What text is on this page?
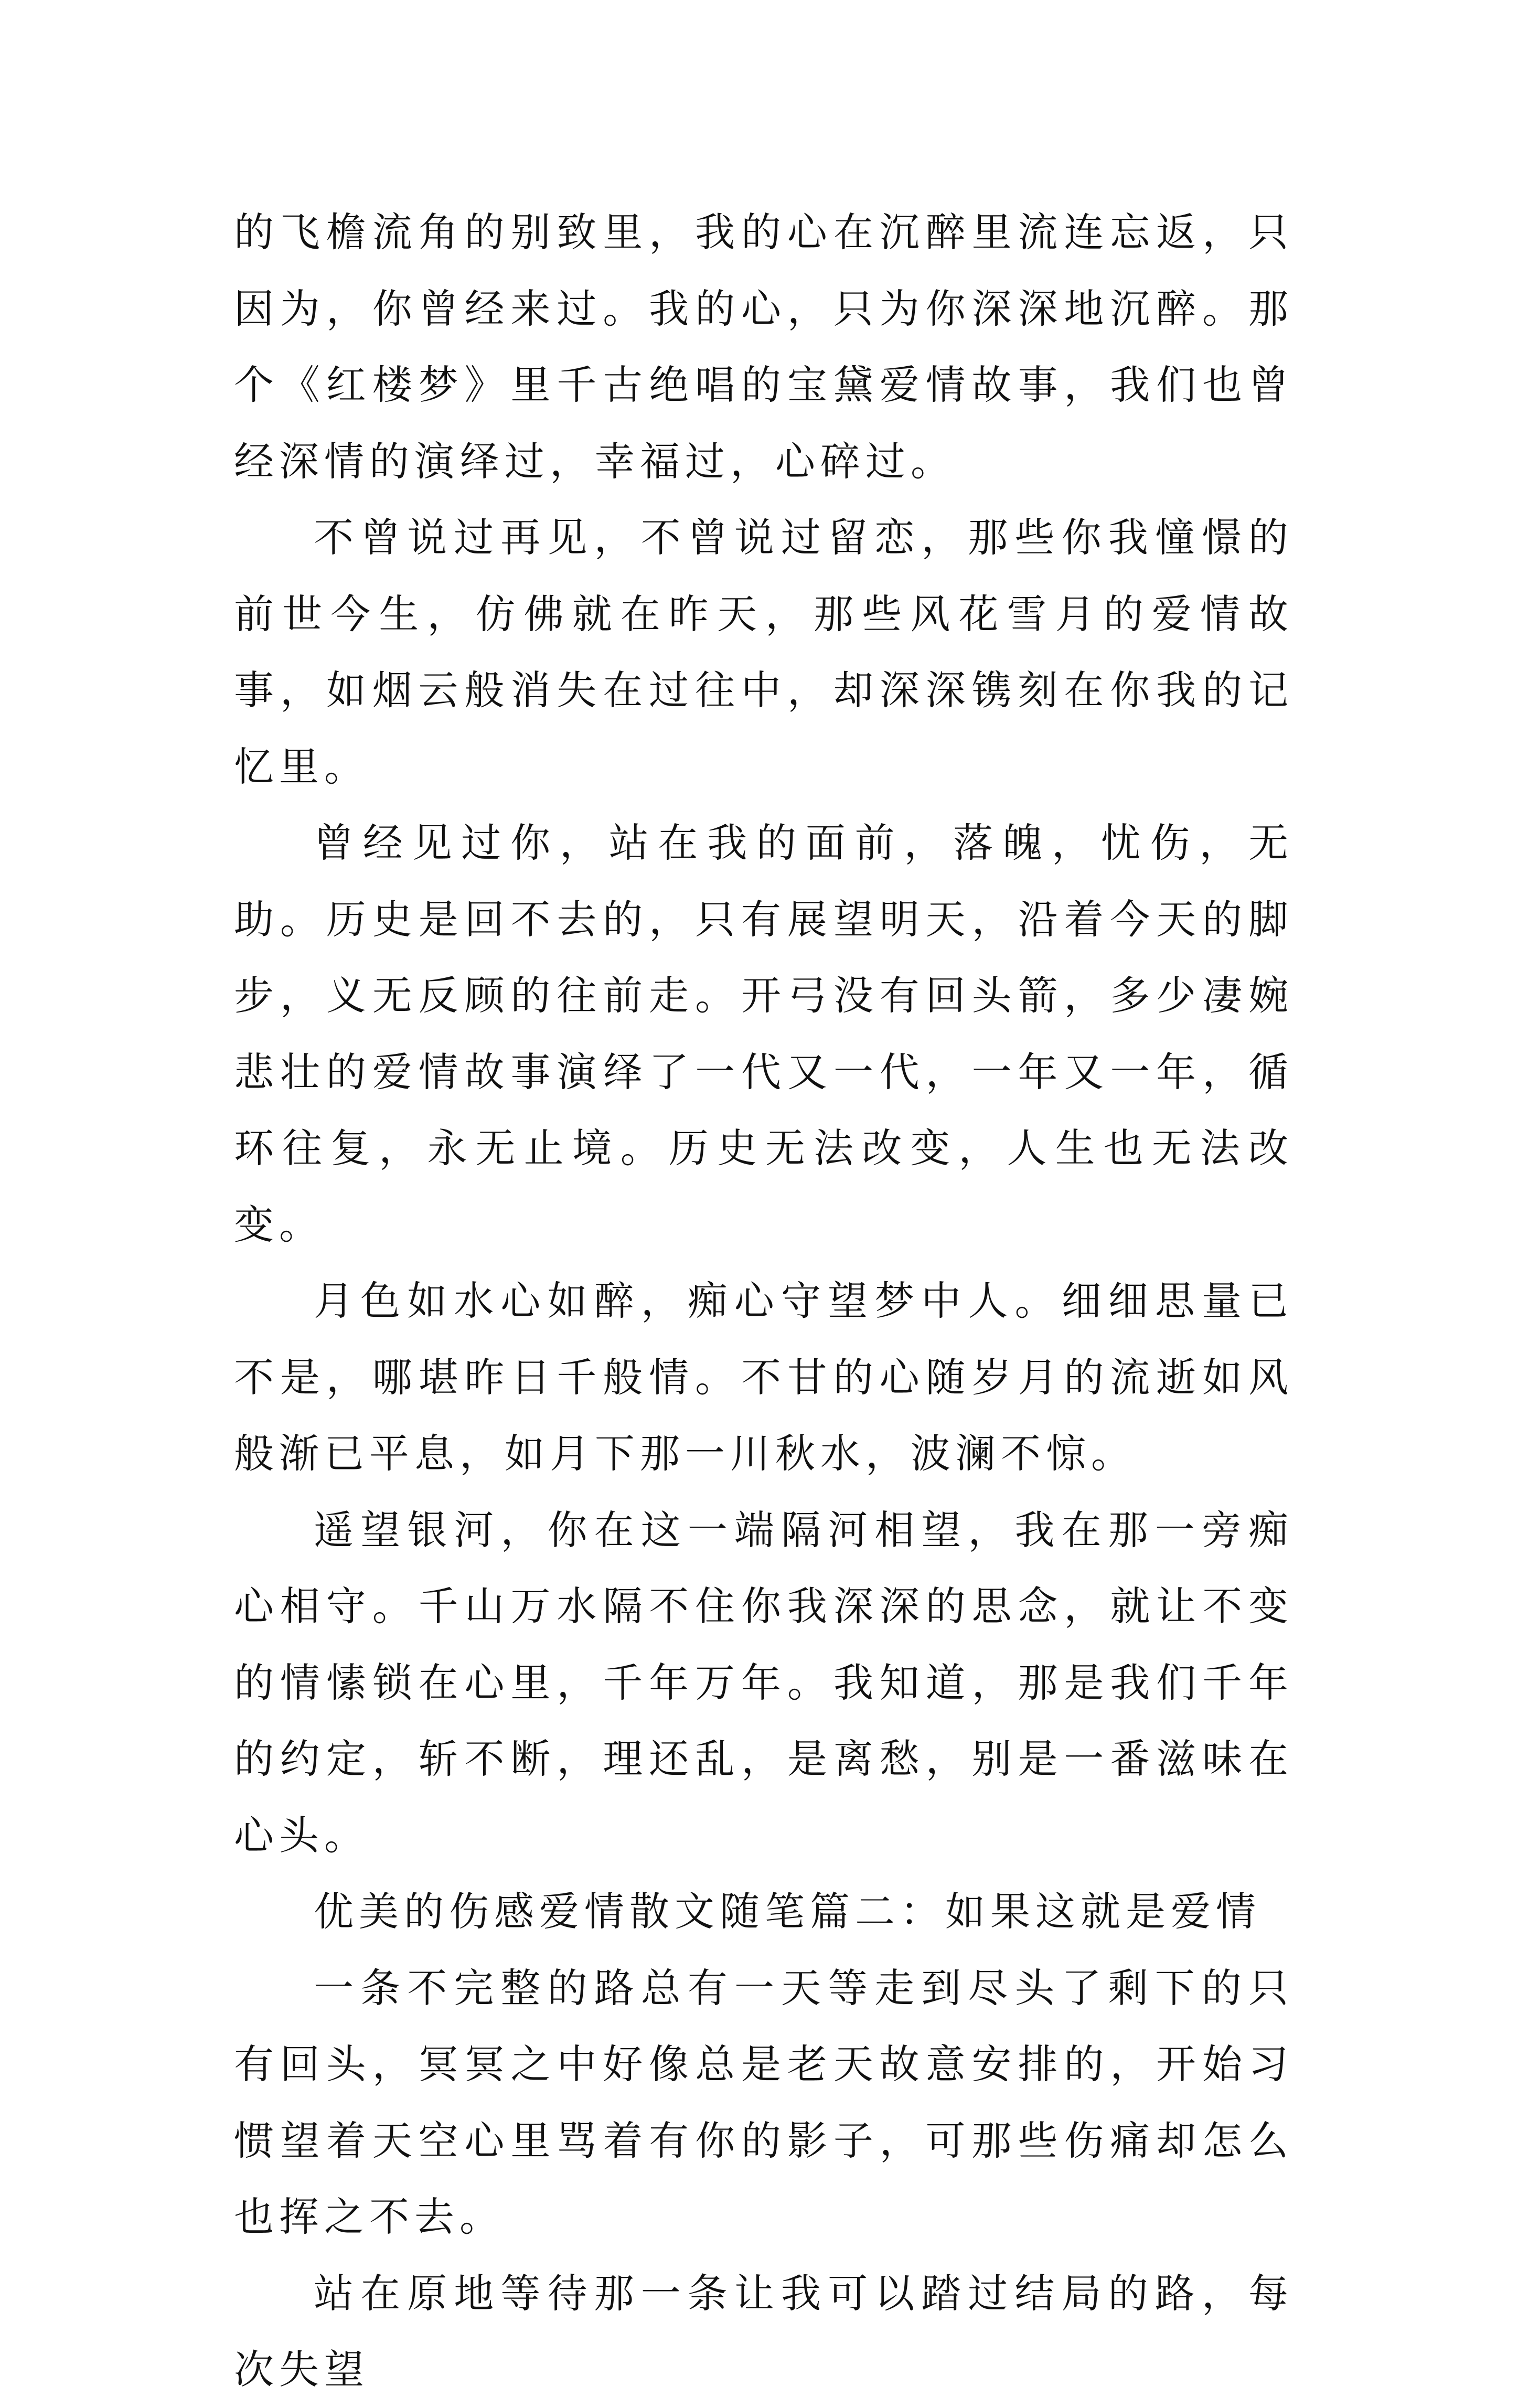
的飞檐流角的别致里，我的心在沉醉里流连忘返，只因为，你曾经来过。我的心，只为你深深地沉醉。那个《红楼梦》里千古绝唱的宝黛爱情故事，我们也曾经深情的演绎过，幸福过，心碎过。

不曾说过再见，不曾说过留恋，那些你我憧憬的前世今生，仿佛就在昨天，那些风花雪月的爱情故事，如烟云般消失在过往中，却深深镌刻在你我的记忆里。

曾经见过你，站在我的面前，落魄，忧伤，无助。历史是回不去的，只有展望明天，沿着今天的脚步，义无反顾的往前走。开弓没有回头箭，多少凄婉悲壮的爱情故事演绎了一代又一代，一年又一年，循环往复，永无止境。历史无法改变，人生也无法改变。

月色如水心如醉，痴心守望梦中人。细细思量已不是，哪堪昨日千般情。不甘的心随岁月的流逝如风般渐已平息，如月下那一川秋水，波澜不惊。

遥望银河，你在这一端隔河相望，我在那一旁痴心相守。千山万水隔不住你我深深的思念，就让不变的情愫锁在心里，千年万年。我知道，那是我们千年的约定，斩不断，理还乱，是离愁，别是一番滋味在心头。

优美的伤感爱情散文随笔篇二：如果这就是爱情

一条不完整的路总有一天等走到尽头了剩下的只有回头，冥冥之中好像总是老天故意安排的，开始习惯望着天空心里骂着有你的影子，可那些伤痛却怎么也挥之不去。

站在原地等待那一条让我可以踏过结局的路，每次失望
